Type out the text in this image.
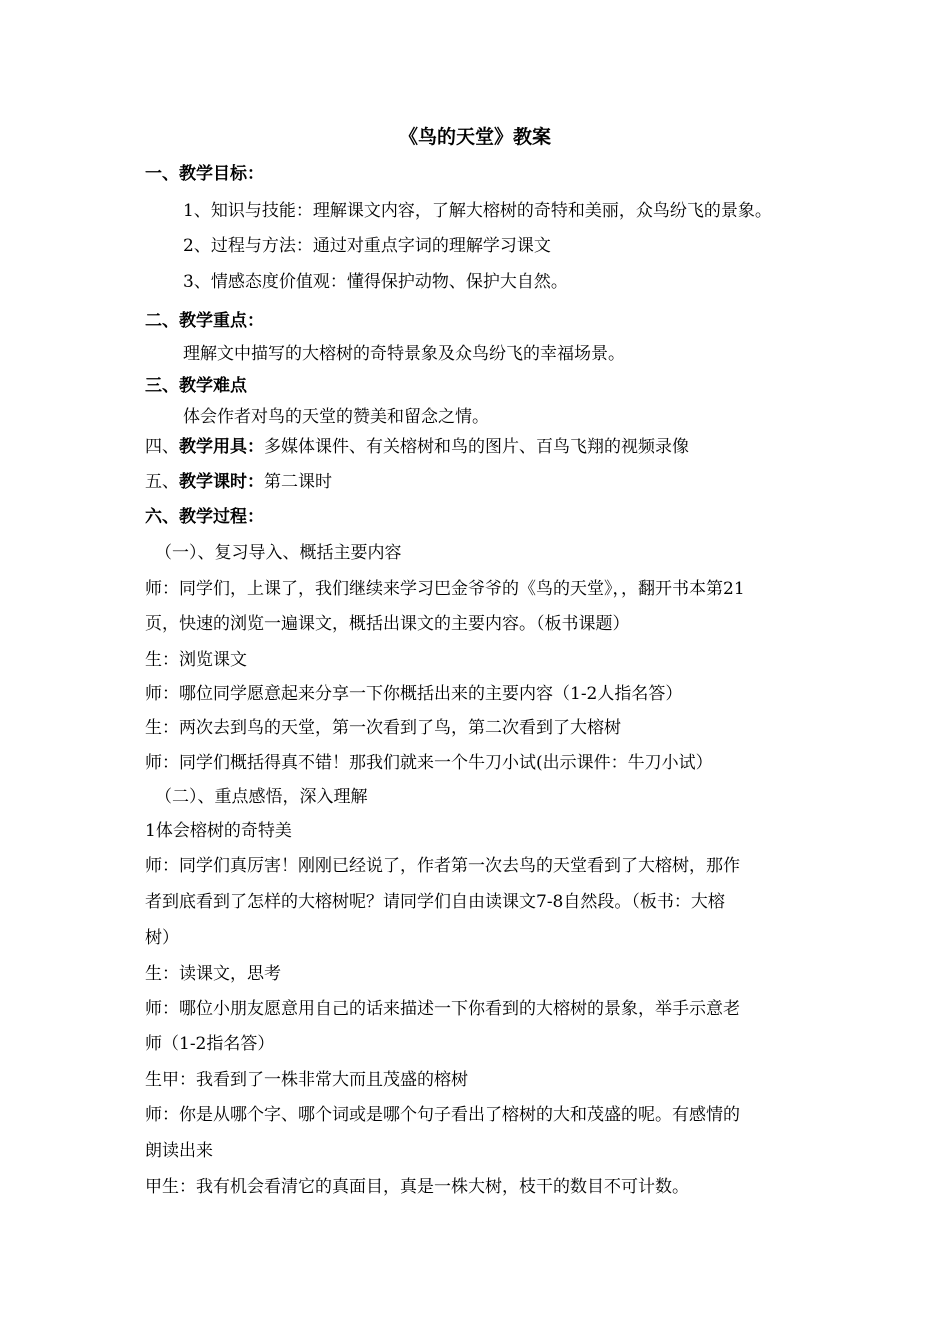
《鸟的天堂》教案
一、教学目标：
1、知识与技能：理解课文内容，了解大榕树的奇特和美丽，众鸟纷飞的景象。
2、过程与方法：通过对重点字词的理解学习课文
3、情感态度价值观：懂得保护动物、保护大自然。
二、教学重点：
理解文中描写的大榕树的奇特景象及众鸟纷飞的幸福场景。
三、教学难点
体会作者对鸟的天堂的赞美和留念之情。
四、教学用具：多媒体课件、有关榕树和鸟的图片、百鸟飞翔的视频录像
五、教学课时：第二课时
六、教学过程：
（一）、复习导入、概括主要内容
师：同学们，上课了，我们继续来学习巴金爷爷的《鸟的天堂》，，翻开书本第21
页，快速的浏览一遍课文，概括出课文的主要内容。（板书课题）
生：浏览课文
师：哪位同学愿意起来分享一下你概括出来的主要内容（1-2人指名答）
生：两次去到鸟的天堂，第一次看到了鸟，第二次看到了大榕树
师：同学们概括得真不错！那我们就来一个牛刀小试(出示课件：牛刀小试）
（二）、重点感悟，深入理解
1体会榕树的奇特美
师：同学们真厉害！刚刚已经说了，作者第一次去鸟的天堂看到了大榕树，那作
者到底看到了怎样的大榕树呢？请同学们自由读课文7-8自然段。（板书：大榕
树）
生：读课文，思考
师：哪位小朋友愿意用自己的话来描述一下你看到的大榕树的景象，举手示意老
师（1-2指名答）
生甲：我看到了一株非常大而且茂盛的榕树
师：你是从哪个字、哪个词或是哪个句子看出了榕树的大和茂盛的呢。有感情的
朗读出来
甲生：我有机会看清它的真面目，真是一株大树，枝干的数目不可计数。
